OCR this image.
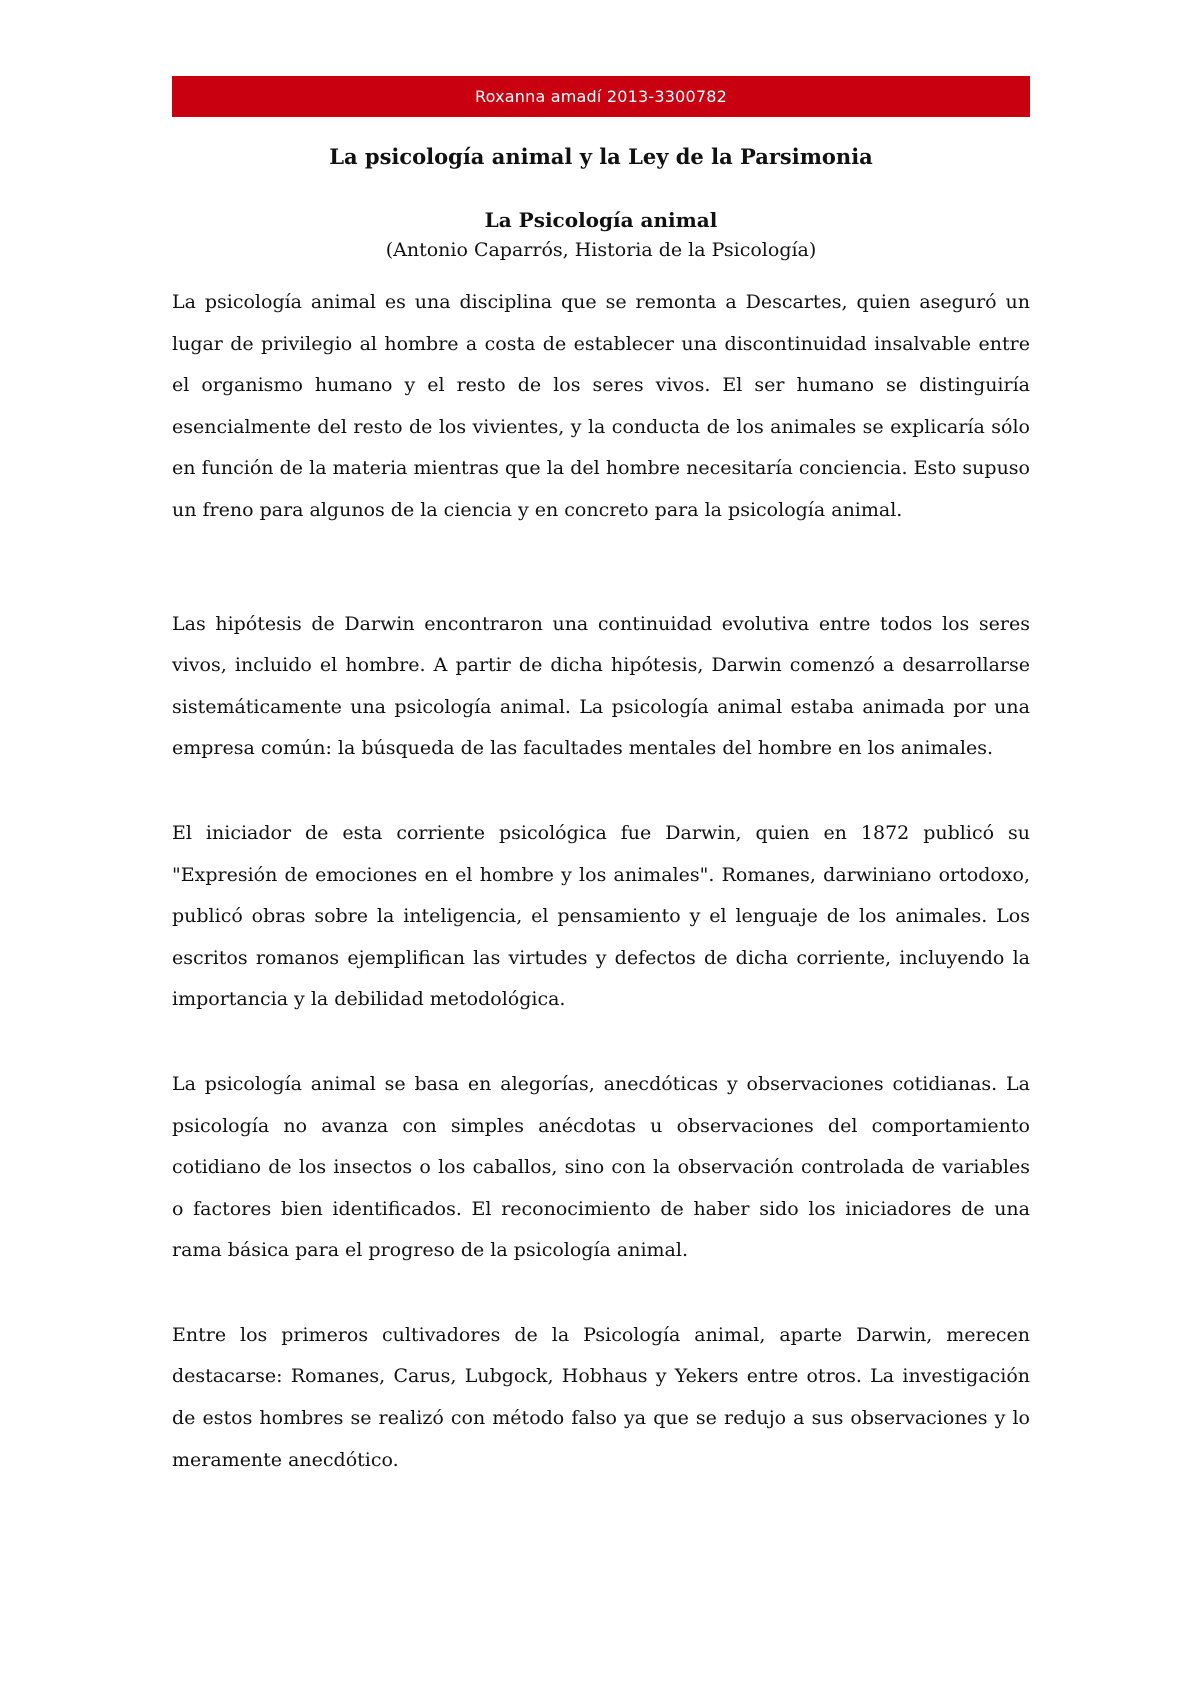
Roxanna amadí 2013-3300782

La psicología animal y la Ley de la Parsimonia

La Psicología animal

(Antonio Caparrós, Historia de la Psicología)

La psicología animal es una disciplina que se remonta a Descartes, quien aseguró un lugar de privilegio al hombre a costa de establecer una discontinuidad insalvable entre el organismo humano y el resto de los seres vivos. El ser humano se distinguiría esencialmente del resto de los vivientes, y la conducta de los animales se explicaría sólo en función de la materia mientras que la del hombre necesitaría conciencia. Esto supuso un freno para algunos de la ciencia y en concreto para la psicología animal.

Las hipótesis de Darwin encontraron una continuidad evolutiva entre todos los seres vivos, incluido el hombre. A partir de dicha hipótesis, Darwin comenzó a desarrollarse sistemáticamente una psicología animal. La psicología animal estaba animada por una empresa común: la búsqueda de las facultades mentales del hombre en los animales.

El iniciador de esta corriente psicológica fue Darwin, quien en 1872 publicó su "Expresión de emociones en el hombre y los animales". Romanes, darwiniano ortodoxo, publicó obras sobre la inteligencia, el pensamiento y el lenguaje de los animales. Los escritos romanos ejemplifican las virtudes y defectos de dicha corriente, incluyendo la importancia y la debilidad metodológica.

La psicología animal se basa en alegorías, anecdóticas y observaciones cotidianas. La psicología no avanza con simples anécdotas u observaciones del comportamiento cotidiano de los insectos o los caballos, sino con la observación controlada de variables o factores bien identificados. El reconocimiento de haber sido los iniciadores de una rama básica para el progreso de la psicología animal.

Entre los primeros cultivadores de la Psicología animal, aparte Darwin, merecen destacarse: Romanes, Carus, Lubgock, Hobhaus y Yekers entre otros. La investigación de estos hombres se realizó con método falso ya que se redujo a sus observaciones y lo meramente anecdótico.
